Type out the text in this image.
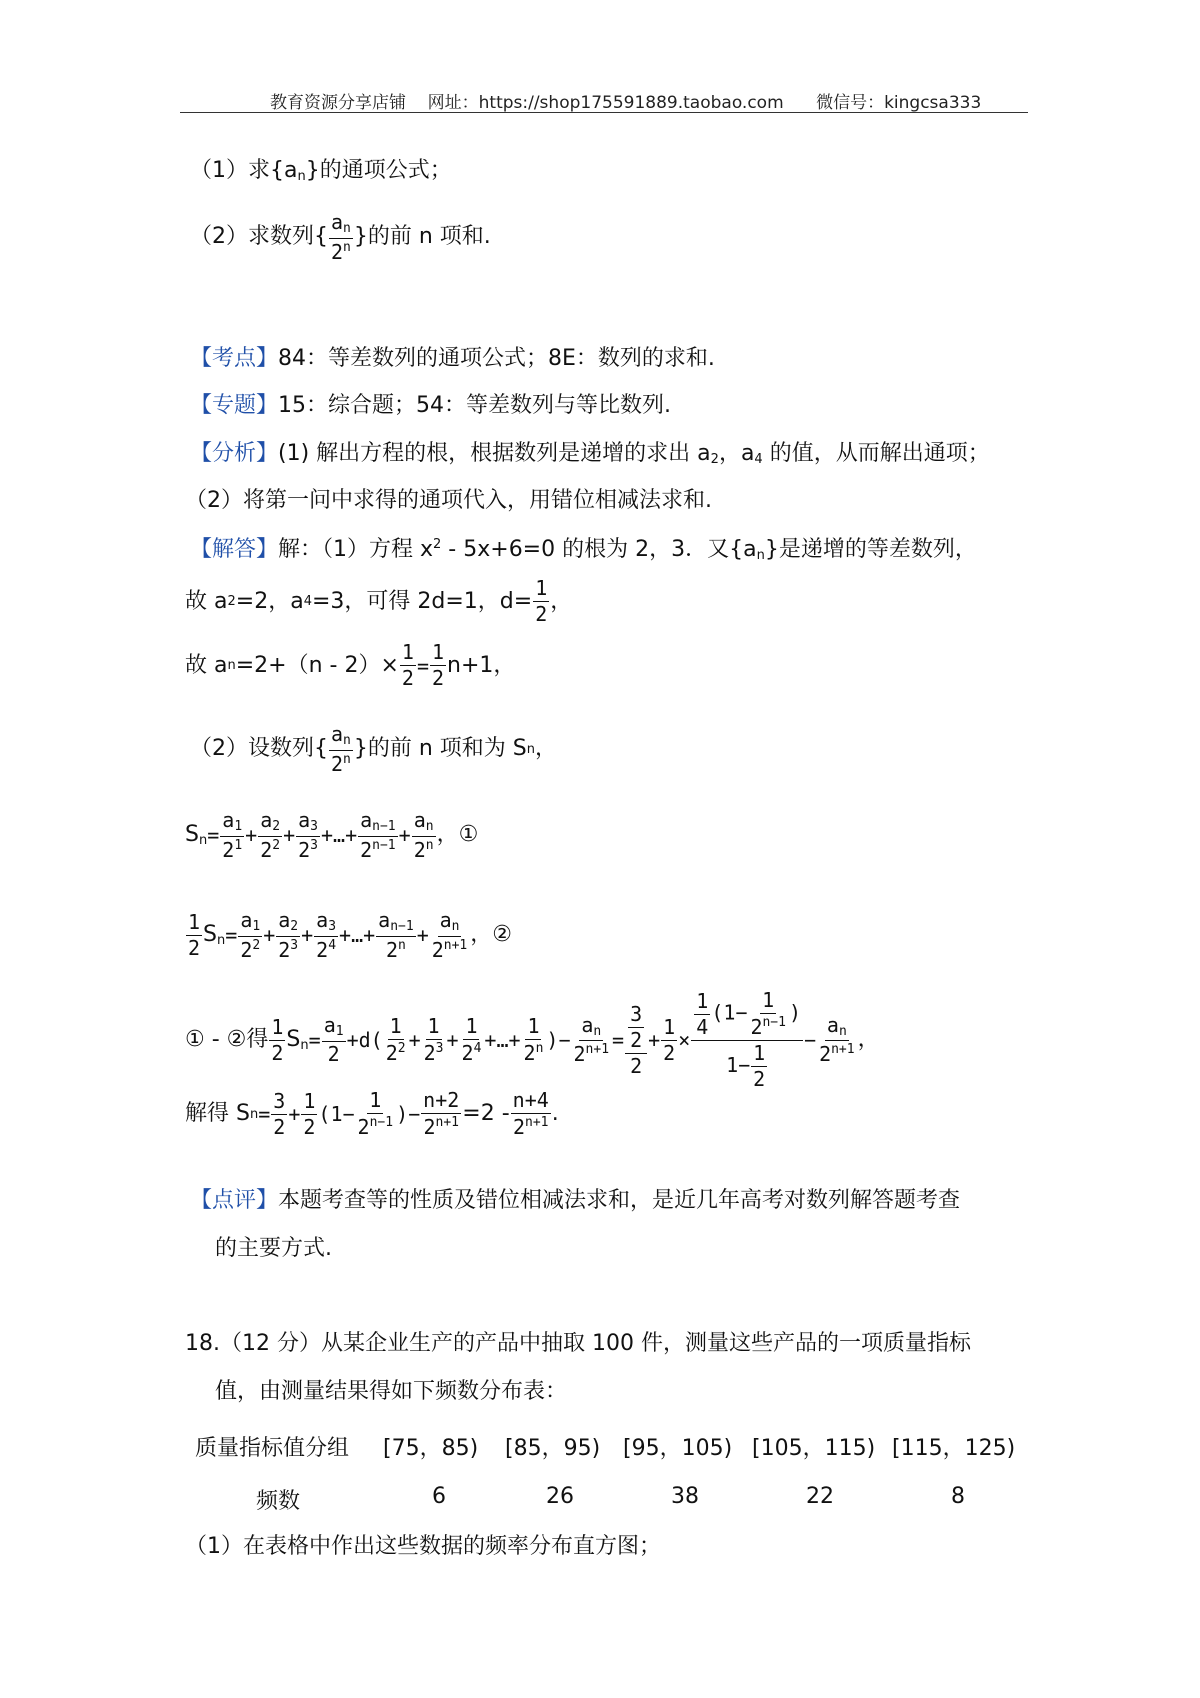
教育资源分享店铺 网址：https://shop175591889.taobao.com 微信号：kingcsa333
（1）求$\{a_n\}$的通项公式；
（2）求数列{ $\frac{a_n}{2^n}$ }的前 n 项和.
【考点】84：等差数列的通项公式；8E：数列的求和.
【专题】15：综合题；54：等差数列与等比数列.
【分析】(1) 解出方程的根，根据数列是递增的求出 $a_2$，$a_4$ 的值，从而解出通项；
（2）将第一问中求得的通项代入，用错位相减法求和.
【解答】解：（1）方程 $x^2 - 5x+6=0$ 的根为 2，3．又$\{a_n\}$是递增的等差数列，
故 a 2 =2，a 4 =3，可得 2d=1，$d= \frac{1}{2}$ ，
故 a $n =2+(n - 2)\times \frac{1}{2} = \frac{1}{2} n+1$，
（2）设数列{ $\frac{a_n}{2^n}$ }的前 n 项和为 S n ，
$S_n = \frac{a_1}{2^1} + \frac{a_2}{2^2} + \frac{a_3}{2^3}$ +…+ $\frac{a_{n-1}}{2^{n-1}} + \frac{a_n}{2^n}$ ， ①
$\frac{1}{2} S_n = \frac{a_1}{2^2} + \frac{a_2}{2^3} + \frac{a_3}{2^4}$ +…+ $\frac{a_{n-1}}{2^n} + \frac{a_n}{2^{n+1}}$ ， ②
① - ②得 $\frac{1}{2} S_n = \frac{a_1}{2} +d( \frac{1}{2^2} + \frac{1}{2^3} + \frac{1}{2^4}$ +…+ $\frac{1}{2^n}$ )− $\frac{a_n}{2^{n+1}} = \frac{\frac{3}{2}}{2} + \frac{1}{2} \times \frac{\frac{1}{4} (1- \frac{1}{2^{n-1}} )}{1- \frac{1}{2}} - \frac{a_n}{2^{n+1}}$ ，
解得 S $n = \frac{3}{2} + \frac{1}{2} (1- \frac{1}{2^{n-1}}$ )− $\frac{n+2}{2^{n+1}} =2 - \frac{n+4}{2^{n+1}}$ .
【点评】本题考查等的性质及错位相减法求和，是近几年高考对数列解答题考查
的主要方式.
18.（12 分）从某企业生产的产品中抽取 100 件，测量这些产品的一项质量指标
值，由测量结果得如下频数分布表：
质量指标值分组 [75，85) [85，95) [95，105) [105，115) [115，125)
频数	6	26	38	22	8
（1）在表格中作出这些数据的频率分布直方图；
